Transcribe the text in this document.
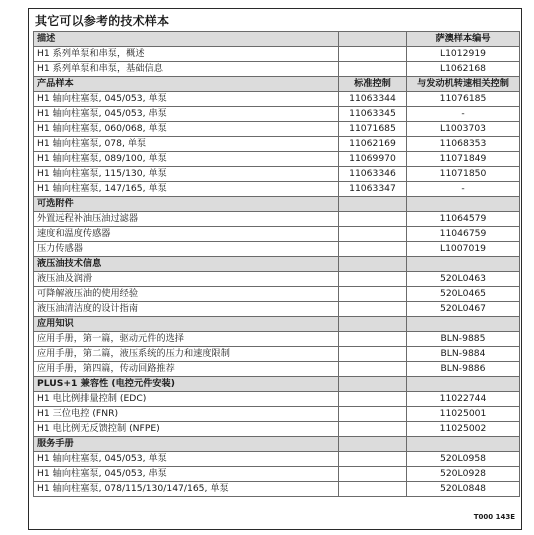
其它可以参考的技术样本
描述		萨澳样本编号
H1 系列单泵和串泵，概述		L1012919
H1 系列单泵和串泵，基础信息		L1062168
产品样本	标准控制	与发动机转速相关控制
H1 轴向柱塞泵, 045/053, 单泵	11063344	11076185
H1 轴向柱塞泵, 045/053, 串泵	11063345	-
H1 轴向柱塞泵, 060/068, 单泵	11071685	L1003703
H1 轴向柱塞泵, 078, 单泵	11062169	11068353
H1 轴向柱塞泵, 089/100, 单泵	11069970	11071849
H1 轴向柱塞泵, 115/130, 单泵	11063346	11071850
H1 轴向柱塞泵, 147/165, 单泵	11063347	-
可选附件		
外置远程补油压油过滤器		11064579
速度和温度传感器		11046759
压力传感器		L1007019
液压油技术信息		
液压油及润滑		520L0463
可降解液压油的使用经验		520L0465
液压油清洁度的设计指南		520L0467
应用知识		
应用手册，第一篇，驱动元件的选择		BLN-9885
应用手册，第二篇，液压系统的压力和速度限制		BLN-9884
应用手册，第四篇，传动回路推荐		BLN-9886
PLUS+1 兼容性 (电控元件安装)		
H1 电比例排量控制 (EDC)		11022744
H1 三位电控 (FNR)		11025001
H1 电比例无反馈控制 (NFPE)		11025002
服务手册		
H1 轴向柱塞泵, 045/053, 单泵		520L0958
H1 轴向柱塞泵, 045/053, 串泵		520L0928
H1 轴向柱塞泵, 078/115/130/147/165, 单泵		520L0848
T000 143E
